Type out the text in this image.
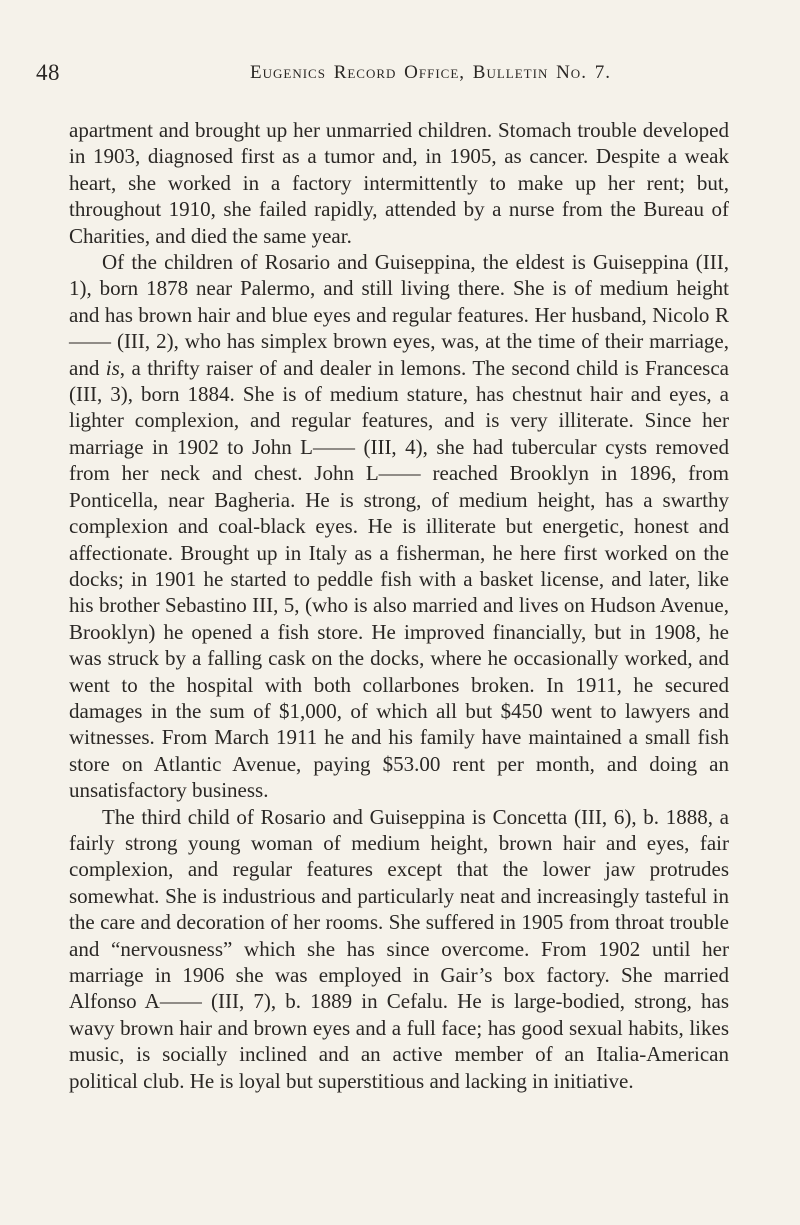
48	Eugenics Record Office, Bulletin No. 7.

apartment and brought up her unmarried children. Stomach trouble developed in 1903, diagnosed first as a tumor and, in 1905, as cancer. Despite a weak heart, she worked in a factory intermittently to make up her rent; but, throughout 1910, she failed rapidly, attended by a nurse from the Bureau of Charities, and died the same year.

Of the children of Rosario and Guiseppina, the eldest is Guiseppina (III, 1), born 1878 near Palermo, and still living there. She is of medium height and has brown hair and blue eyes and regular features. Her husband, Nicolo R—— (III, 2), who has simplex brown eyes, was, at the time of their marriage, and is, a thrifty raiser of and dealer in lemons. The second child is Francesca (III, 3), born 1884. She is of medium stature, has chestnut hair and eyes, a lighter complexion, and regular features, and is very illiterate. Since her marriage in 1902 to John L—— (III, 4), she had tubercular cysts removed from her neck and chest. John L—— reached Brooklyn in 1896, from Ponticella, near Bagheria. He is strong, of medium height, has a swarthy complexion and coal-black eyes. He is illiterate but energetic, honest and affectionate. Brought up in Italy as a fisherman, he here first worked on the docks; in 1901 he started to peddle fish with a basket license, and later, like his brother Sebastino III, 5, (who is also married and lives on Hudson Avenue, Brooklyn) he opened a fish store. He improved financially, but in 1908, he was struck by a falling cask on the docks, where he occasionally worked, and went to the hospital with both collarbones broken. In 1911, he secured damages in the sum of $1,000, of which all but $450 went to lawyers and witnesses. From March 1911 he and his family have maintained a small fish store on Atlantic Avenue, paying $53.00 rent per month, and doing an unsatisfactory business.

The third child of Rosario and Guiseppina is Concetta (III, 6), b. 1888, a fairly strong young woman of medium height, brown hair and eyes, fair complexion, and regular features except that the lower jaw protrudes somewhat. She is industrious and particularly neat and increasingly tasteful in the care and decoration of her rooms. She suffered in 1905 from throat trouble and “nervousness” which she has since overcome. From 1902 until her marriage in 1906 she was employed in Gair’s box factory. She married Alfonso A—— (III, 7), b. 1889 in Cefalu. He is large-bodied, strong, has wavy brown hair and brown eyes and a full face; has good sexual habits, likes music, is socially inclined and an active member of an Italia-American political club. He is loyal but superstitious and lacking in initiative.
